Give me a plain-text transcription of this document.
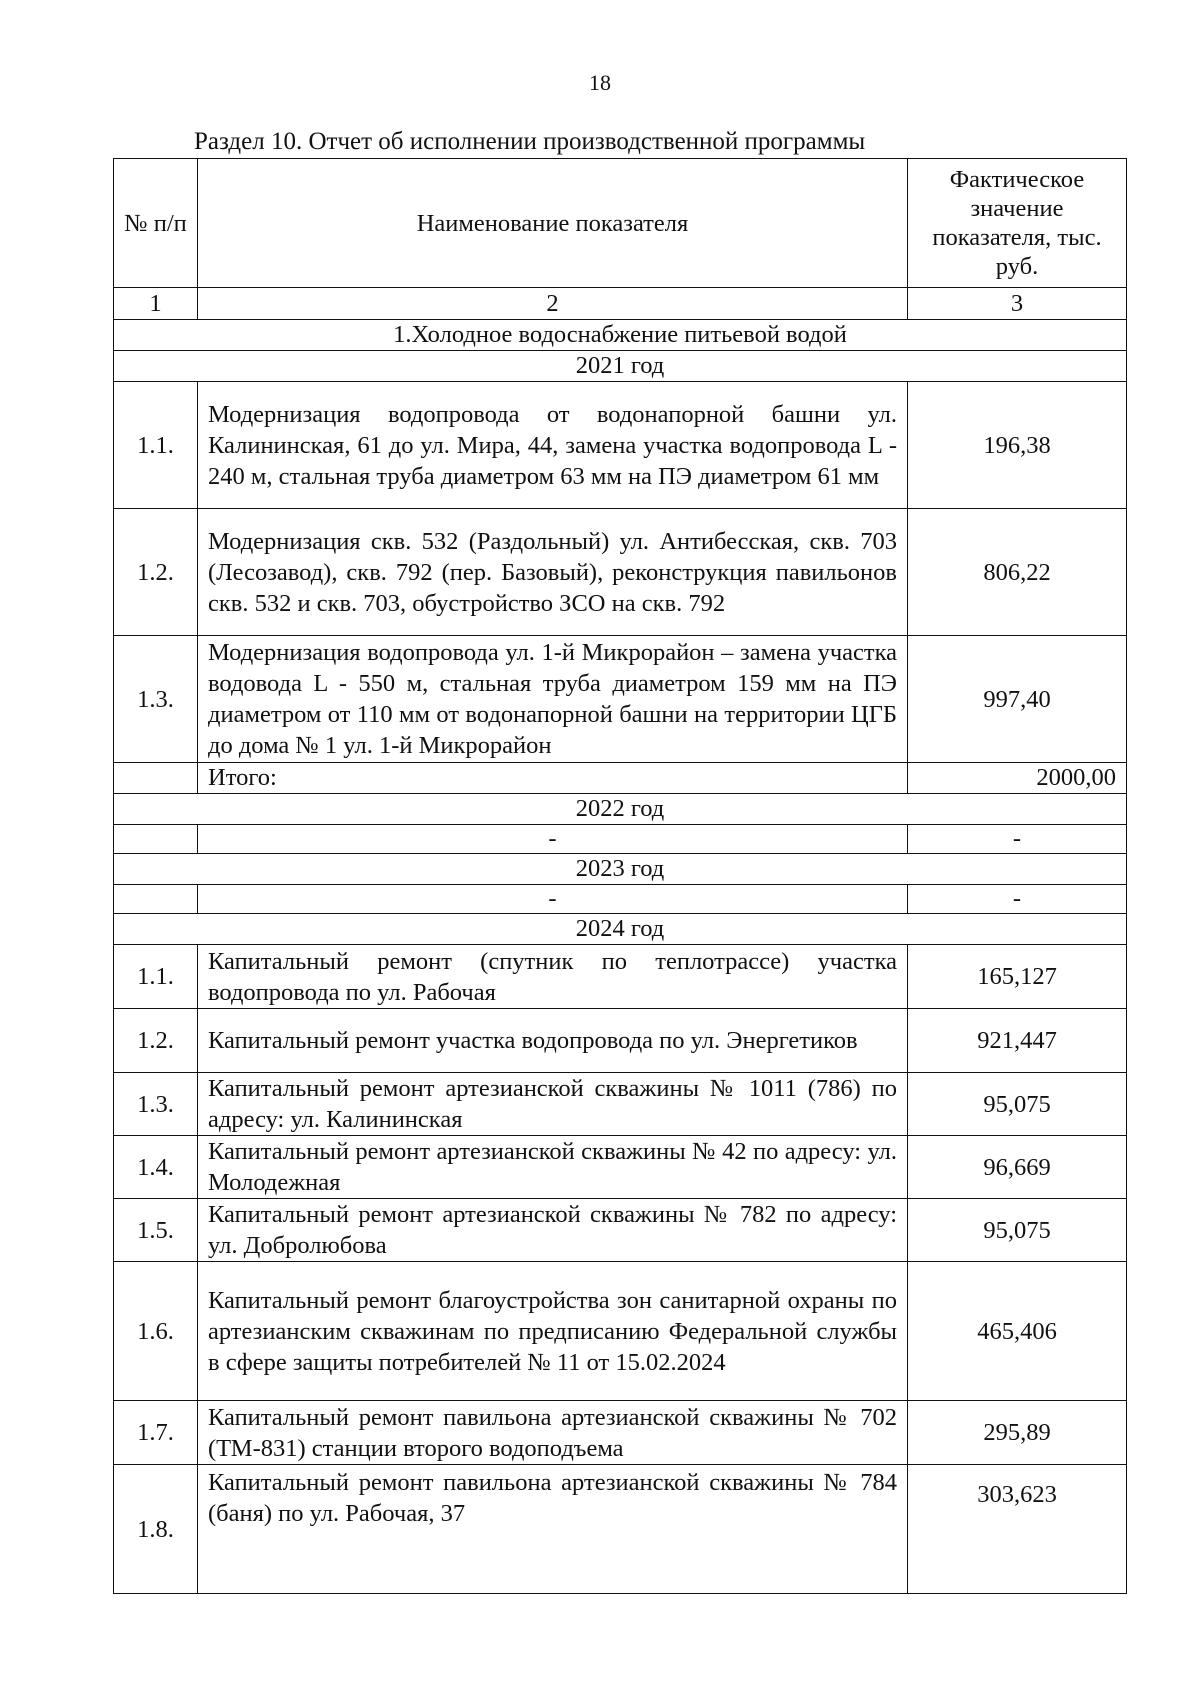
18
Раздел 10. Отчет об исполнении производственной программы
№ п/п	Наименование показателя	Фактическое значение показателя, тыс. руб.
1	2	3
1.Холодное водоснабжение питьевой водой		
2021 год		
1.1.	Модернизация водопровода от водонапорной башни ул. Калининская, 61 до ул. Мира, 44, замена участка водопровода L - 240 м, стальная труба диаметром 63 мм на ПЭ диаметром 61 мм	196,38
1.2.	Модернизация скв. 532 (Раздольный) ул. Антибесская, скв. 703 (Лесозавод), скв. 792 (пер. Базовый), реконструкция павильонов скв. 532 и скв. 703, обустройство ЗСО на скв. 792	806,22
1.3.	Модернизация водопровода ул. 1-й Микрорайон – замена участка водовода L - 550 м, стальная труба диаметром 159 мм на ПЭ диаметром от 110 мм от водонапорной башни на территории ЦГБ до дома № 1 ул. 1-й Микрорайон	997,40
	Итого:	2000,00
2022 год		
	-	-
2023 год		
	-	-
2024 год		
1.1.	Капитальный ремонт (спутник по теплотрассе) участка водопровода по ул. Рабочая	165,127
1.2.	Капитальный ремонт участка водопровода по ул. Энергетиков	921,447
1.3.	Капитальный ремонт артезианской скважины № 1011 (786) по адресу: ул. Калининская	95,075
1.4.	Капитальный ремонт артезианской скважины № 42 по адресу: ул. Молодежная	96,669
1.5.	Капитальный ремонт артезианской скважины № 782 по адресу: ул. Добролюбова	95,075
1.6.	Капитальный ремонт благоустройства зон санитарной охраны по артезианским скважинам по предписанию Федеральной службы в сфере защиты потребителей № 11 от 15.02.2024	465,406
1.7.	Капитальный ремонт павильона артезианской скважины № 702 (ТМ-831) станции второго водоподъема	295,89
1.8.	Капитальный ремонт павильона артезианской скважины № 784 (баня) по ул. Рабочая, 37	303,623
